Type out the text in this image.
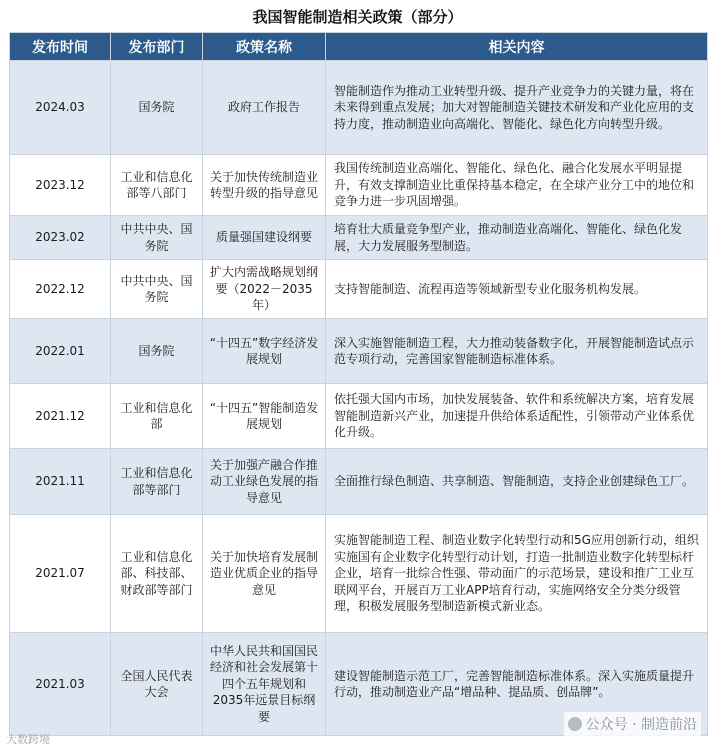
我国智能制造相关政策（部分）
发布时间	发布部门	政策名称	相关内容
2024.03	国务院	政府工作报告	智能制造作为推动工业转型升级、提升产业竞争力的关键力量，将在未来得到重点发展；加大对智能制造关键技术研发和产业化应用的支持力度，推动制造业向高端化、智能化、绿色化方向转型升级。
2023.12	工业和信息化部等八部门	关于加快传统制造业转型升级的指导意见	我国传统制造业高端化、智能化、绿色化、融合化发展水平明显提升，有效支撑制造业比重保持基本稳定，在全球产业分工中的地位和竞争力进一步巩固增强。
2023.02	中共中央、国务院	质量强国建设纲要	培育壮大质量竞争型产业，推动制造业高端化、智能化、绿色化发展，大力发展服务型制造。
2022.12	中共中央、国务院	扩大内需战略规划纲要（2022－2035年）	支持智能制造、流程再造等领域新型专业化服务机构发展。
2022.01	国务院	“十四五”数字经济发展规划	深入实施智能制造工程，大力推动装备数字化，开展智能制造试点示范专项行动，完善国家智能制造标准体系。
2021.12	工业和信息化部	“十四五”智能制造发展规划	依托强大国内市场，加快发展装备、软件和系统解决方案，培育发展智能制造新兴产业，加速提升供给体系适配性，引领带动产业体系优化升级。
2021.11	工业和信息化部等部门	关于加强产融合作推动工业绿色发展的指导意见	全面推行绿色制造、共享制造、智能制造，支持企业创建绿色工厂。
2021.07	工业和信息化部、科技部、财政部等部门	关于加快培育发展制造业优质企业的指导意见	实施智能制造工程、制造业数字化转型行动和5G应用创新行动，组织实施国有企业数字化转型行动计划，打造一批制造业数字化转型标杆企业，培育一批综合性强、带动面广的示范场景，建设和推广工业互联网平台，开展百万工业APP培育行动，实施网络安全分类分级管理，积极发展服务型制造新模式新业态。
2021.03	全国人民代表大会	中华人民共和国国民经济和社会发展第十四个五年规划和2035年远景目标纲要	建设智能制造示范工厂，完善智能制造标准体系。深入实施质量提升行动，推动制造业产品“增品种、提品质、创品牌”。
大数跨境
公众号 · 制造前沿
